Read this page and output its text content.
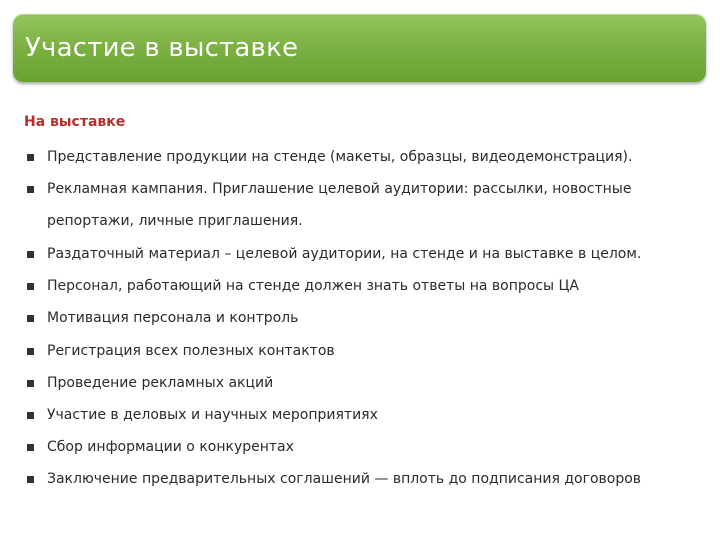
Участие в выставке
На выставке
Представление продукции на стенде (макеты, образцы, видеодемонстрация).
Рекламная кампания. Приглашение целевой аудитории: рассылки, новостные
репортажи, личные приглашения.
Раздаточный материал – целевой аудитории, на стенде и на выставке в целом.
Персонал, работающий на стенде должен знать ответы на вопросы ЦА
Мотивация персонала и контроль
Регистрация всех полезных контактов
Проведение рекламных акций
Участие в деловых и научных мероприятиях
Сбор информации о конкурентах
Заключение предварительных соглашений — вплоть до подписания договоров
